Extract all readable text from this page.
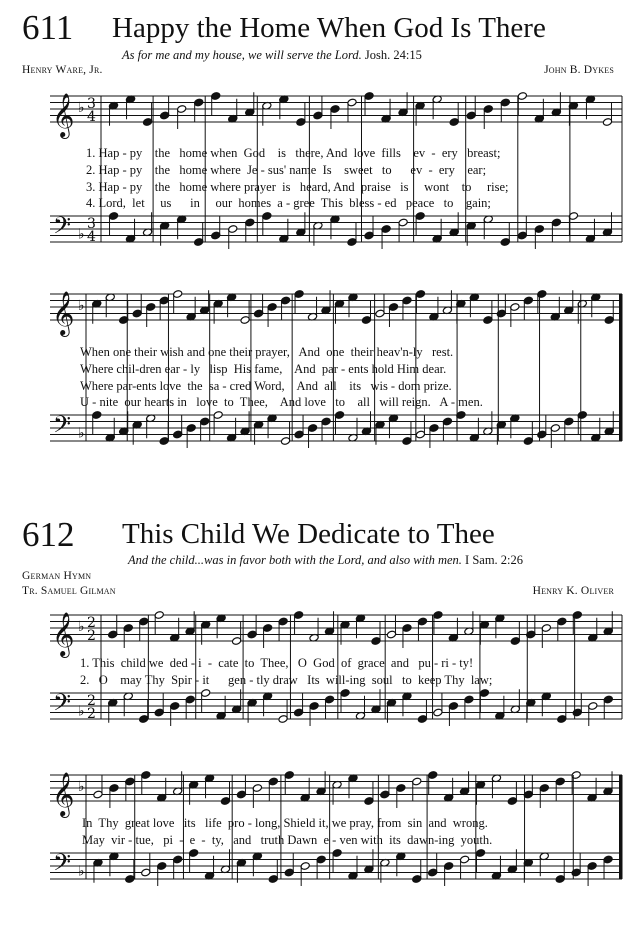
611 Happy the Home When God Is There
As for me and my house, we will serve the Lord. Josh. 24:15
Henry Ware, Jr.	John B. Dykes
1. Hap - py    the   home when  God    is   there, And  love  fills    ev  -  ery   breast;
2. Hap - py    the   home where  Je - sus' name  Is    sweet   to      ev  -  ery    ear;
3. Hap - py    the   home where prayer  is   heard, And  praise   is     wont    to     rise;
4. Lord,  let     us      in     our  homes  a - gree  This  bless - ed   peace   to    gain;
When one their wish and one their prayer,   And  one  their heav'n-ly   rest.
Where chil-dren ear - ly   lisp  His fame,    And  par - ents hold Him dear.
Where par-ents love  the  sa - cred Word,    And  all    its   wis - dom prize.
U - nite  our hearts in   love  to  Thee,    And love   to    all   will reign.   A - men.
612 This Child We Dedicate to Thee
And the child...was in favor both with the Lord, and also with men. I Sam. 2:26
German Hymn
Tr. Samuel Gilman	Henry K. Oliver
1. This  child we  ded - i  -  cate  to  Thee,   O  God  of  grace  and   pu - ri - ty!
2.   O    may Thy  Spir - it      gen - tly draw   Its  will-ing  soul   to  keep Thy  law;
In  Thy  great love   its   life  pro - long, Shield it, we pray, from  sin  and  wrong.
May  vir - tue,   pi  -  e  -  ty,   and   truth Dawn  e - ven with  its  dawn-ing  youth.
𝄞 ♭ 3
4
𝄢 ♭
3
4
𝄞 ♭
𝄢 ♭
𝄞 ♭ 2
2
𝄢 ♭
2
2
𝄞 ♭
𝄢 ♭
